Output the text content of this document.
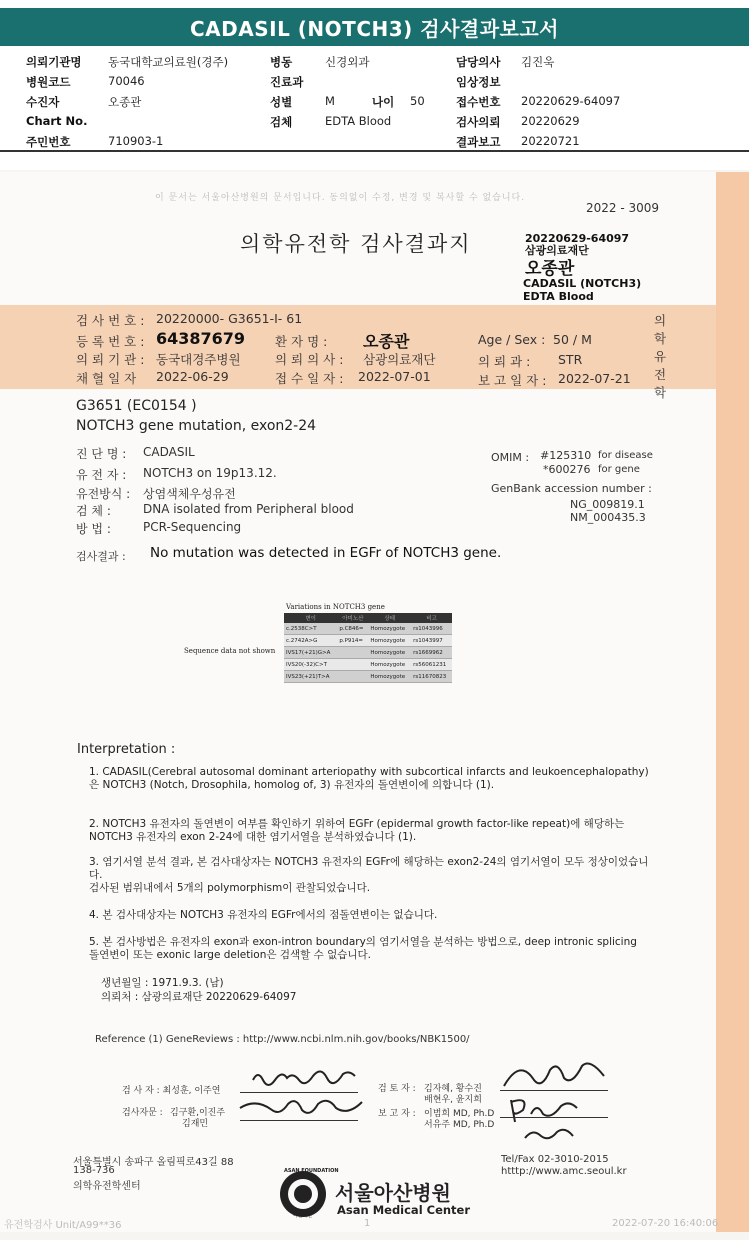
CADASIL (NOTCH3) 검사결과보고서
의뢰기관명 동국대학교의료원(경주)	병동	신경외과	담당의사 김진욱
병원코드	70046	진료과	임상정보
수진자	오종관	성별	M	나이 50	접수번호 20220629-64097
Chart No.	검체	EDTA Blood	검사의뢰 20220629
주민번호	710903-1	결과보고 20220721
이 문서는 서울아산병원의 문서입니다. 동의없이 수정, 변경 및 복사할 수 없습니다.
2022 - 3009
의학유전학 검사결과지	20220629-64097
삼광의료재단
오종관
CADASIL (NOTCH3)
EDTA Blood
검 사 번 호 : 20220000- G3651-I- 61
등 록 번 호 : 64387679 환 자 명 : 오종관	Age / Sex : 50 / M
의 뢰 기 관 : 동국대경주병원	의 뢰 의 사 : 삼광의료재단	의 뢰 과 : STR
채 혈 일 자 2022-06-29	접 수 일 자 : 2022-07-01	보 고 일 자 : 2022-07-21
의학유전학
G3651 (EC0154 )
NOTCH3 gene mutation, exon2-24
진 단 명 : CADASIL
유 전 자 : NOTCH3 on 19p13.12.
유전방식 : 상염색체우성유전
검 체 :	DNA isolated from Peripheral blood
방 법 :	PCR-Sequencing
OMIM : #125310 for disease
*600276 for gene
GenBank accession number :
NG_009819.1
NM_000435.3
검사결과 : No mutation was detected in EGFr of NOTCH3 gene.
Variations in NOTCH3 gene
Sequence data not shown
변이	아미노산	상태	비고
c.2538C>T	p.C846=	Homozygote	rs1043996
c.2742A>G	p.P914=	Homozygote	rs1043997
IVS17(+21)G>A		Homozygote	rs1669962
IVS20(-32)C>T		Homozygote	rs56061231
IVS23(+21)T>A		Homozygote	rs11670823
Interpretation :
1. CADASIL(Cerebral autosomal dominant arteriopathy with subcortical infarcts and leukoencephalopathy)은 NOTCH3 (Notch, Drosophila, homolog of, 3) 유전자의 돌연변이에 의합니다 (1).
2. NOTCH3 유전자의 돌연변이 여부를 확인하기 위하여 EGFr (epidermal growth factor-like repeat)에 해당하는 NOTCH3 유전자의 exon 2-24에 대한 염기서열을 분석하였습니다 (1).
3. 염기서열 분석 결과, 본 검사대상자는 NOTCH3 유전자의 EGFr에 해당하는 exon2-24의 염기서열이 모두 정상이었습니다.
검사된 범위내에서 5개의 polymorphism이 관찰되었습니다.
4. 본 검사대상자는 NOTCH3 유전자의 EGFr에서의 점돌연변이는 없습니다.
5. 본 검사방법은 유전자의 exon과 exon-intron boundary의 염기서열을 분석하는 방법으로, deep intronic splicing 돌연변이 또는 exonic large deletion은 검색할 수 없습니다.
생년월일 : 1971.9.3. (남)
의뢰처 : 삼광의료재단 20220629-64097
Reference (1) GeneReviews : http://www.ncbi.nlm.nih.gov/books/NBK1500/
검 사 자 : 최성훈, 이주연
검사자문 : 김구환,이진주
김재민
검 토 자 : 김자혜, 황수진
배현우, 윤지희
보 고 자 : 이범희 MD, Ph.D
서유주 MD, Ph.D
서울특별시 송파구 올림픽로43길 88
138-736
의학유전학센터
Tel/Fax 02-3010-2015
htttp://www.amc.seoul.kr
ASAN FOUNDATION
아산재단
서울아산병원
Asan Medical Center
유전학검사 Unit/A99**36	1	2022-07-20 16:40:06
